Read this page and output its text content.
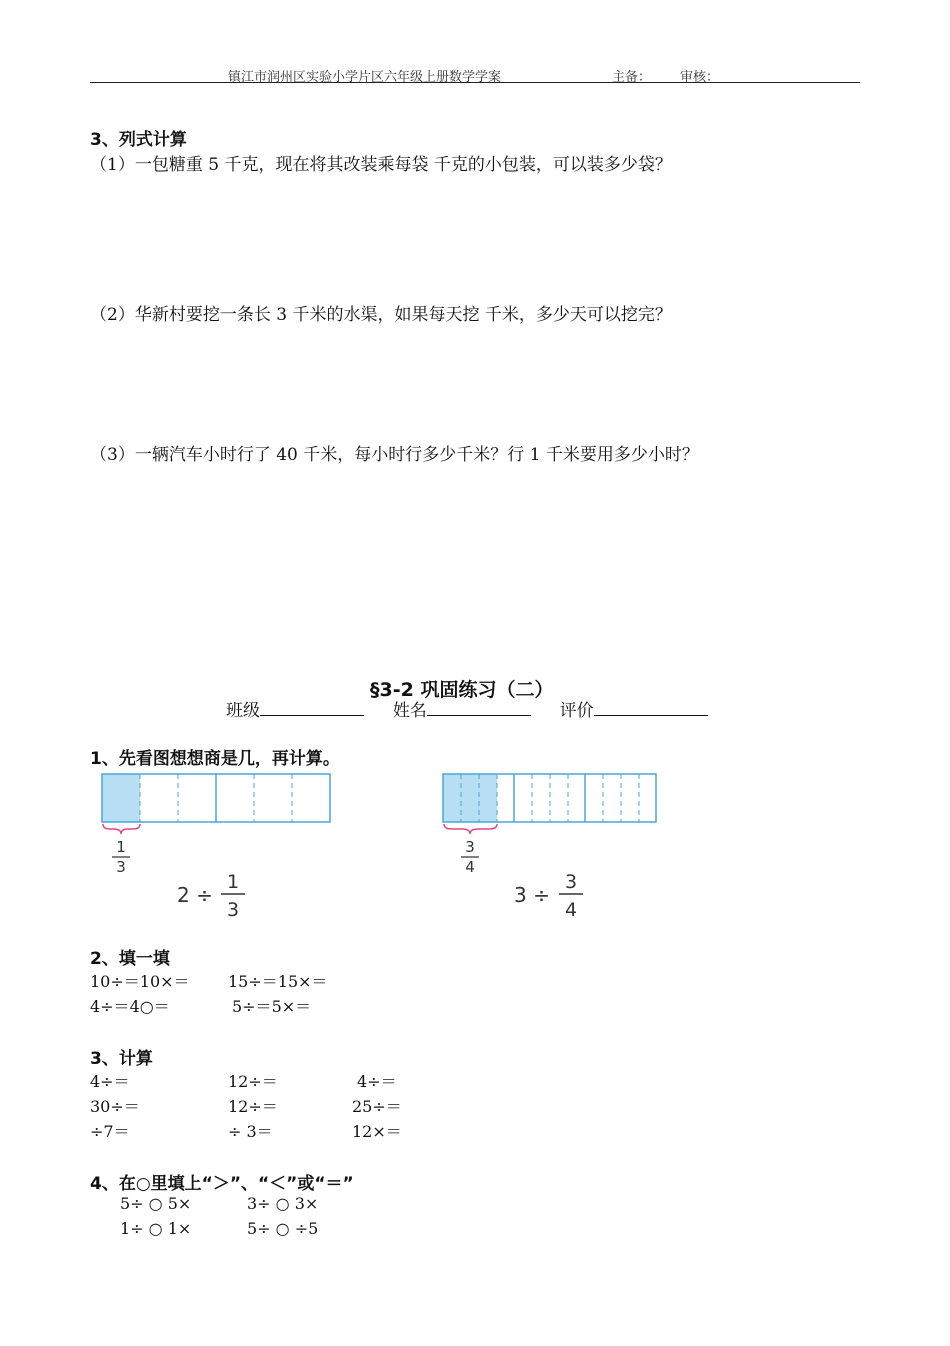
镇江市润州区实验小学片区六年级上册数学学案	主备： 审核：
3、列式计算
（1）一包糖重 5 千克，现在将其改装乘每袋 千克的小包装，可以装多少袋？
（2）华新村要挖一条长 3 千米的水渠，如果每天挖 千米，多少天可以挖完？
（3）一辆汽车小时行了 40 千米，每小时行多少千米？行 1 千米要用多少小时？
§3-2 巩固练习（二）
班级	姓名	评价
1、先看图想想商是几，再计算。
1
3
2 ÷
1
3
3
4
3 ÷
3
4
2、填一填
10÷＝10×＝ 15÷＝15×＝
4÷＝4○＝	5÷＝5×＝
3、计算
4÷＝	12÷＝	4÷＝
30÷＝	12÷＝	25÷＝
÷7＝	÷ 3＝	12×＝
4、在○里填上“＞”、“＜”或“＝”
5÷ ○ 5×	3÷ ○ 3×
1÷ ○ 1×	5÷ ○ ÷5
